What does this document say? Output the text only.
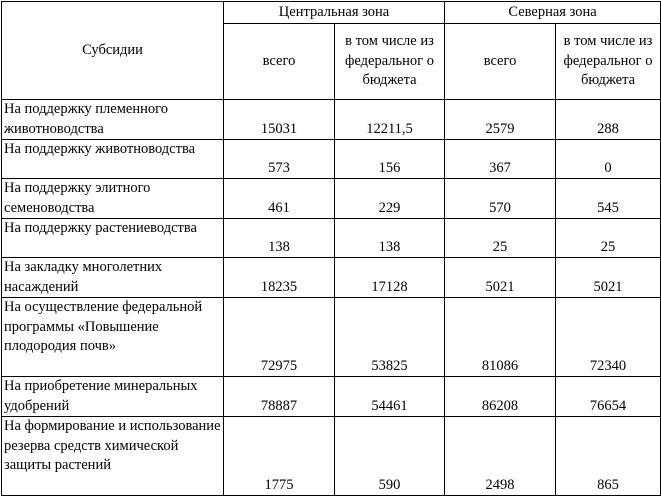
Субсидии	Центральная зона		Северная зона	
	всего	в том числе из федеральног о бюджета	всего	в том числе из федеральног о бюджета
На поддержку племенного животноводства	15031	12211,5	2579	288
На поддержку животноводства	573	156	367	0
На поддержку элитного семеноводства	461	229	570	545
На поддержку растениеводства	138	138	25	25
На закладку многолетних насаждений	18235	17128	5021	5021
На осуществление федеральной программы «Повышение плодородия почв»	72975	53825	81086	72340
На приобретение минеральных удобрений	78887	54461	86208	76654
На формирование и использование резерва средств химической защиты растений	1775	590	2498	865
